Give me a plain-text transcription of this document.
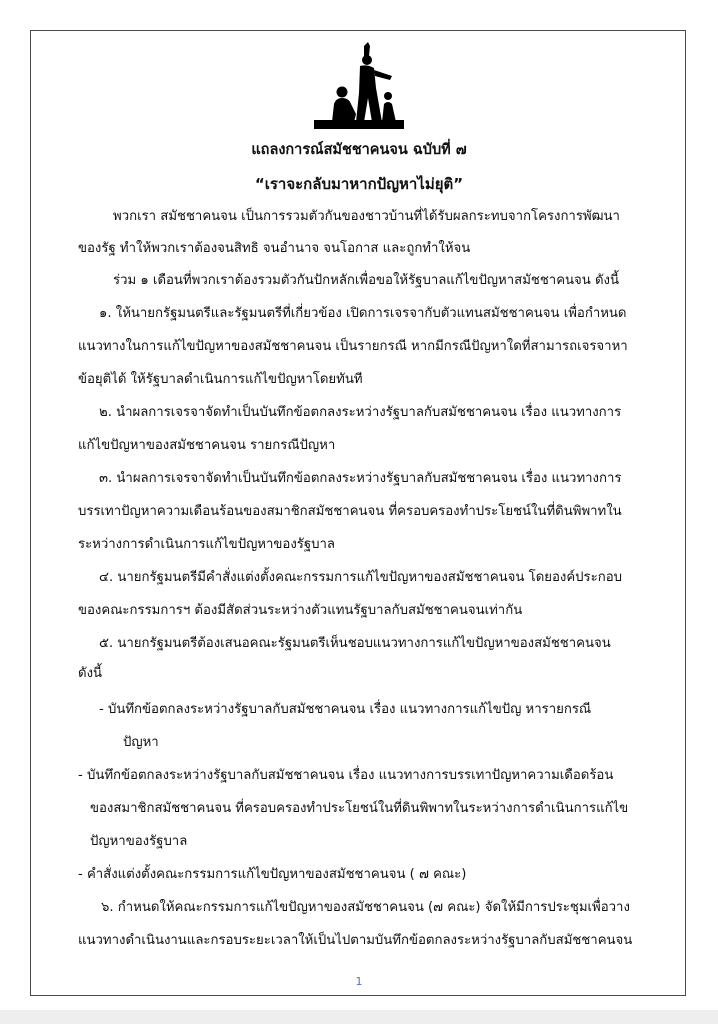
แถลงการณ์สมัชชาคนจน ฉบับที่ ๗
“เราจะกลับมาหากปัญหาไม่ยุติ”
พวกเรา สมัชชาคนจน เป็นการรวมตัวกันของชาวบ้านที่ได้รับผลกระทบจากโครงการพัฒนา
ของรัฐ ทำให้พวกเราต้องจนสิทธิ จนอำนาจ จนโอกาส และถูกทำให้จน
ร่วม ๑ เดือนที่พวกเราต้องรวมตัวกันปักหลักเพื่อขอให้รัฐบาลแก้ไขปัญหาสมัชชาคนจน ดังนี้
๑. ให้นายกรัฐมนตรีและรัฐมนตรีที่เกี่ยวข้อง เปิดการเจรจากับตัวแทนสมัชชาคนจน เพื่อกำหนด
แนวทางในการแก้ไขปัญหาของสมัชชาคนจน เป็นรายกรณี หากมีกรณีปัญหาใดที่สามารถเจรจาหา
ข้อยุติได้ ให้รัฐบาลดำเนินการแก้ไขปัญหาโดยทันที
๒. นำผลการเจรจาจัดทำเป็นบันทึกข้อตกลงระหว่างรัฐบาลกับสมัชชาคนจน เรื่อง แนวทางการ
แก้ไขปัญหาของสมัชชาคนจน รายกรณีปัญหา
๓. นำผลการเจรจาจัดทำเป็นบันทึกข้อตกลงระหว่างรัฐบาลกับสมัชชาคนจน เรื่อง แนวทางการ
บรรเทาปัญหาความเดือนร้อนของสมาชิกสมัชชาคนจน ที่ครอบครองทำประโยชน์ในที่ดินพิพาทใน
ระหว่างการดำเนินการแก้ไขปัญหาของรัฐบาล
๔. นายกรัฐมนตรีมีคำสั่งแต่งตั้งคณะกรรมการแก้ไขปัญหาของสมัชชาคนจน โดยองค์ประกอบ
ของคณะกรรมการฯ ต้องมีสัดส่วนระหว่างตัวแทนรัฐบาลกับสมัชชาคนจนเท่ากัน
๕. นายกรัฐมนตรีต้องเสนอคณะรัฐมนตรีเห็นชอบแนวทางการแก้ไขปัญหาของสมัชชาคนจน
ดังนี้
- บันทึกข้อตกลงระหว่างรัฐบาลกับสมัชชาคนจน เรื่อง แนวทางการแก้ไขปัญ หารายกรณี
ปัญหา
- บันทึกข้อตกลงระหว่างรัฐบาลกับสมัชชาคนจน เรื่อง แนวทางการบรรเทาปัญหาความเดือดร้อน
ของสมาชิกสมัชชาคนจน ที่ครอบครองทำประโยชน์ในที่ดินพิพาทในระหว่างการดำเนินการแก้ไข
ปัญหาของรัฐบาล
- คำสั่งแต่งตั้งคณะกรรมการแก้ไขปัญหาของสมัชชาคนจน ( ๗ คณะ)
๖. กำหนดให้คณะกรรมการแก้ไขปัญหาของสมัชชาคนจน (๗ คณะ) จัดให้มีการประชุมเพื่อวาง
แนวทางดำเนินงานและกรอบระยะเวลาให้เป็นไปตามบันทึกข้อตกลงระหว่างรัฐบาลกับสมัชชาคนจน
1
